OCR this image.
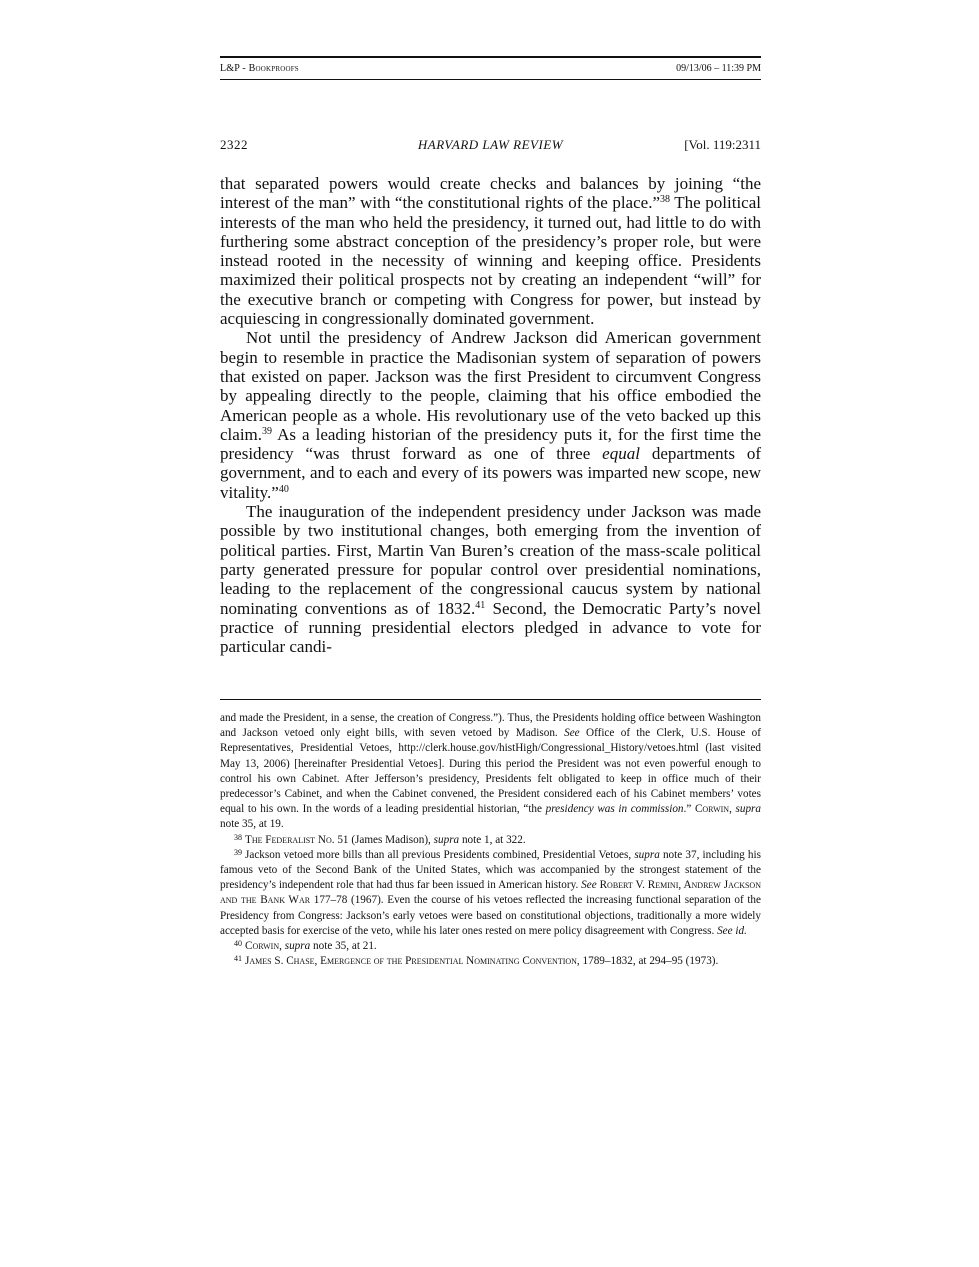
L&P - Bookproofs	09/13/06 – 11:39 PM
HARVARD LAW REVIEW
2322	[Vol. 119:2311

that separated powers would create checks and balances by joining “the interest of the man” with “the constitutional rights of the place.”$^{38}$ The political interests of the man who held the presidency, it turned out, had little to do with furthering some abstract conception of the presidency’s proper role, but were instead rooted in the necessity of winning and keeping office. Presidents maximized their political prospects not by creating an independent “will” for the executive branch or competing with Congress for power, but instead by acquiescing in congressionally dominated government.

Not until the presidency of Andrew Jackson did American government begin to resemble in practice the Madisonian system of separation of powers that existed on paper. Jackson was the first President to circumvent Congress by appealing directly to the people, claiming that his office embodied the American people as a whole. His revolutionary use of the veto backed up this claim.$^{39}$ As a leading historian of the presidency puts it, for the first time the presidency “was thrust forward as one of three equal departments of government, and to each and every of its powers was imparted new scope, new vitality.”$^{40}$

The inauguration of the independent presidency under Jackson was made possible by two institutional changes, both emerging from the invention of political parties. First, Martin Van Buren’s creation of the mass-scale political party generated pressure for popular control over presidential nominations, leading to the replacement of the congressional caucus system by national nominating conventions as of 1832.41 Second, the Democratic Party’s novel practice of running presidential electors pledged in advance to vote for particular candi-

and made the President, in a sense, the creation of Congress.”). Thus, the Presidents holding office between Washington and Jackson vetoed only eight bills, with seven vetoed by Madison. See Office of the Clerk, U.S. House of Representatives, Presidential Vetoes, http://clerk.house.gov/histHigh/Congressional_History/vetoes.html (last visited May 13, 2006) [hereinafter Presidential Vetoes]. During this period the President was not even powerful enough to control his own Cabinet. After Jefferson’s presidency, Presidents felt obligated to keep in office much of their predecessor’s Cabinet, and when the Cabinet convened, the President considered each of his Cabinet members’ votes equal to his own. In the words of a leading presidential historian, “the presidency was in commission.” Corwin, supra note 35, at 19.

$^{38}$ The Federalist No. 51 (James Madison), supra note 1, at 322.

$^{39}$ Jackson vetoed more bills than all previous Presidents combined, Presidential Vetoes, supra note 37, including his famous veto of the Second Bank of the United States, which was accompanied by the strongest statement of the presidency’s independent role that had thus far been issued in American history. See Robert V. Remini, Andrew Jackson and the Bank War 177–78 (1967). Even the course of his vetoes reflected the increasing functional separation of the Presidency from Congress: Jackson’s early vetoes were based on constitutional objections, traditionally a more widely accepted basis for exercise of the veto, while his later ones rested on mere policy disagreement with Congress. See id.

$^{40}$ Corwin, supra note 35, at 21.

$^{41}$ James S. Chase, Emergence of the Presidential Nominating Convention, 1789–1832, at 294–95 (1973).
